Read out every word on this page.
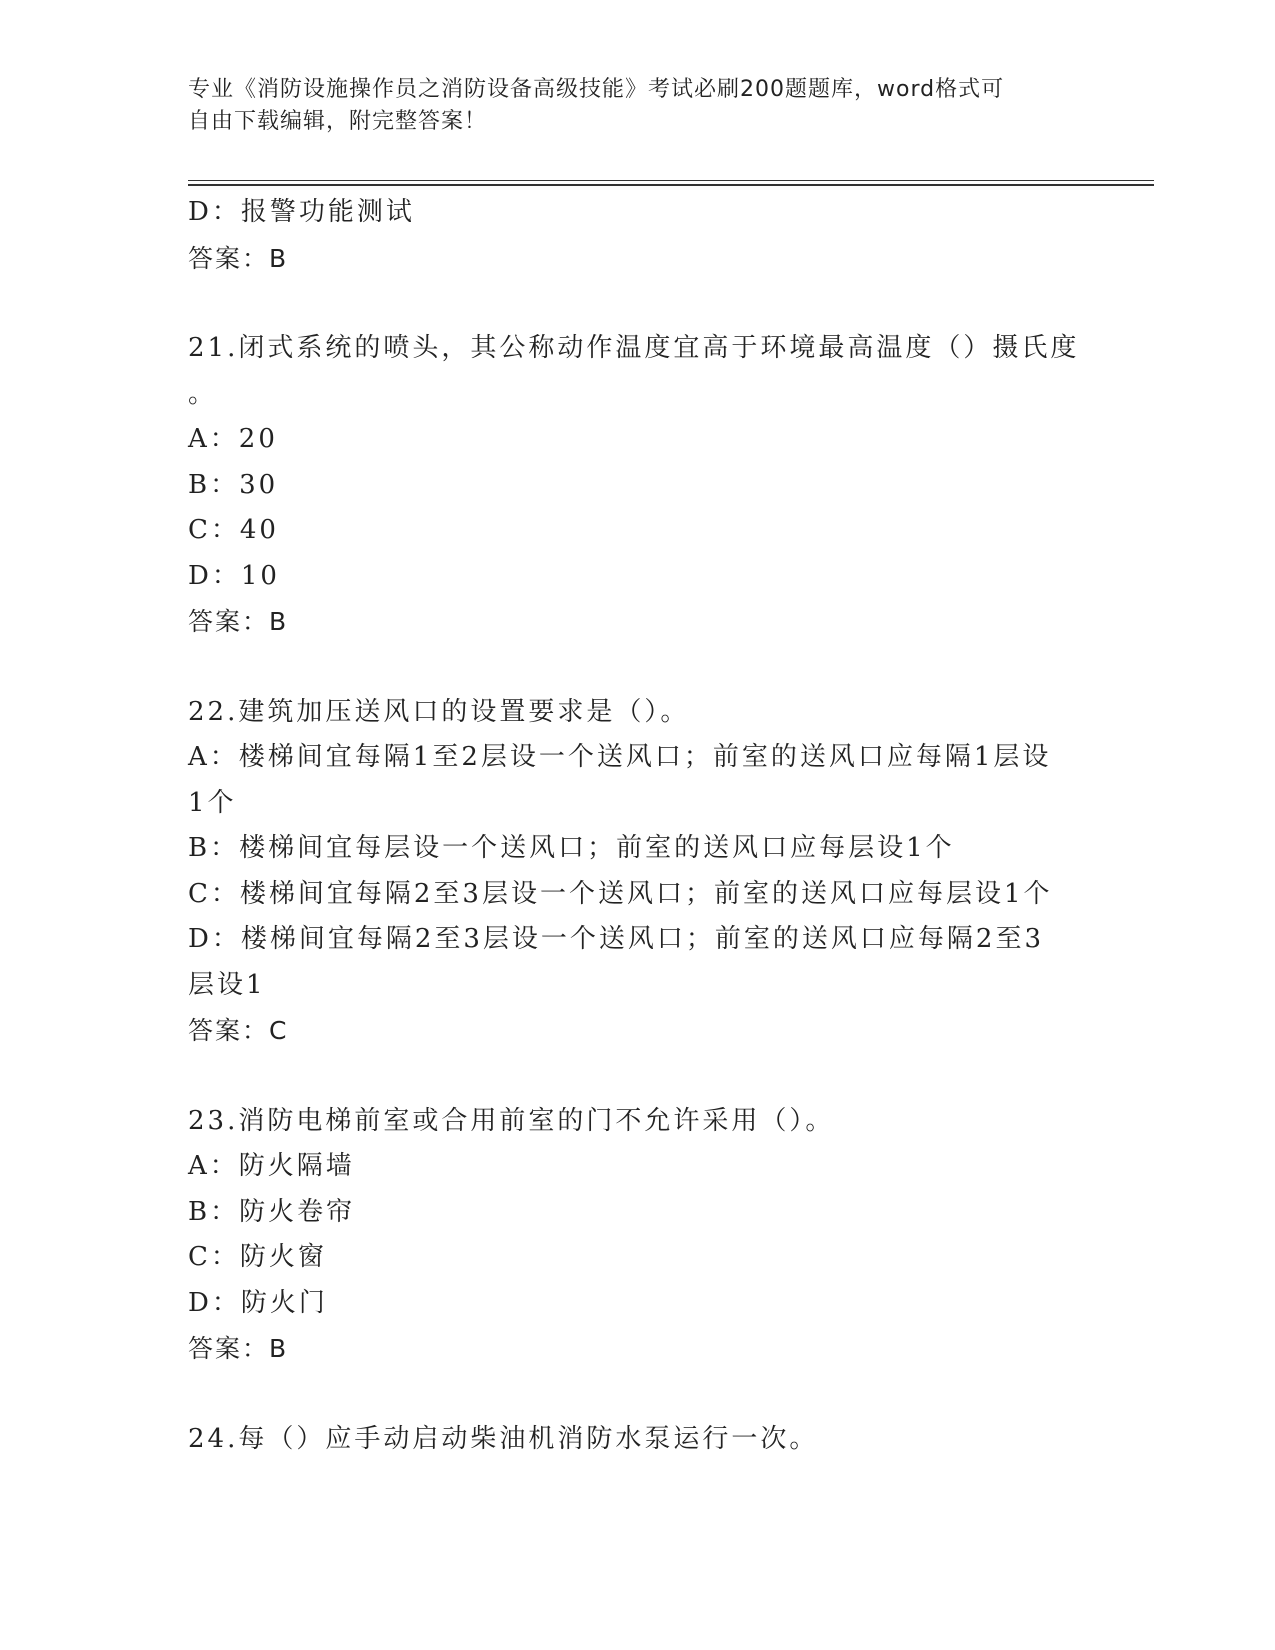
专业《消防设施操作员之消防设备高级技能》考试必刷200题题库，word格式可
自由下载编辑，附完整答案！
D：报警功能测试
答案：B
21.闭式系统的喷头，其公称动作温度宜高于环境最高温度（）摄氏度
。
A：20
B：30
C：40
D：10
答案：B
22.建筑加压送风口的设置要求是（）。
A：楼梯间宜每隔1至2层设一个送风口；前室的送风口应每隔1层设
1个
B：楼梯间宜每层设一个送风口；前室的送风口应每层设1个
C：楼梯间宜每隔2至3层设一个送风口；前室的送风口应每层设1个
D：楼梯间宜每隔2至3层设一个送风口；前室的送风口应每隔2至3
层设1
答案：C
23.消防电梯前室或合用前室的门不允许采用（）。
A：防火隔墙
B：防火卷帘
C：防火窗
D：防火门
答案：B
24.每（）应手动启动柴油机消防水泵运行一次。
